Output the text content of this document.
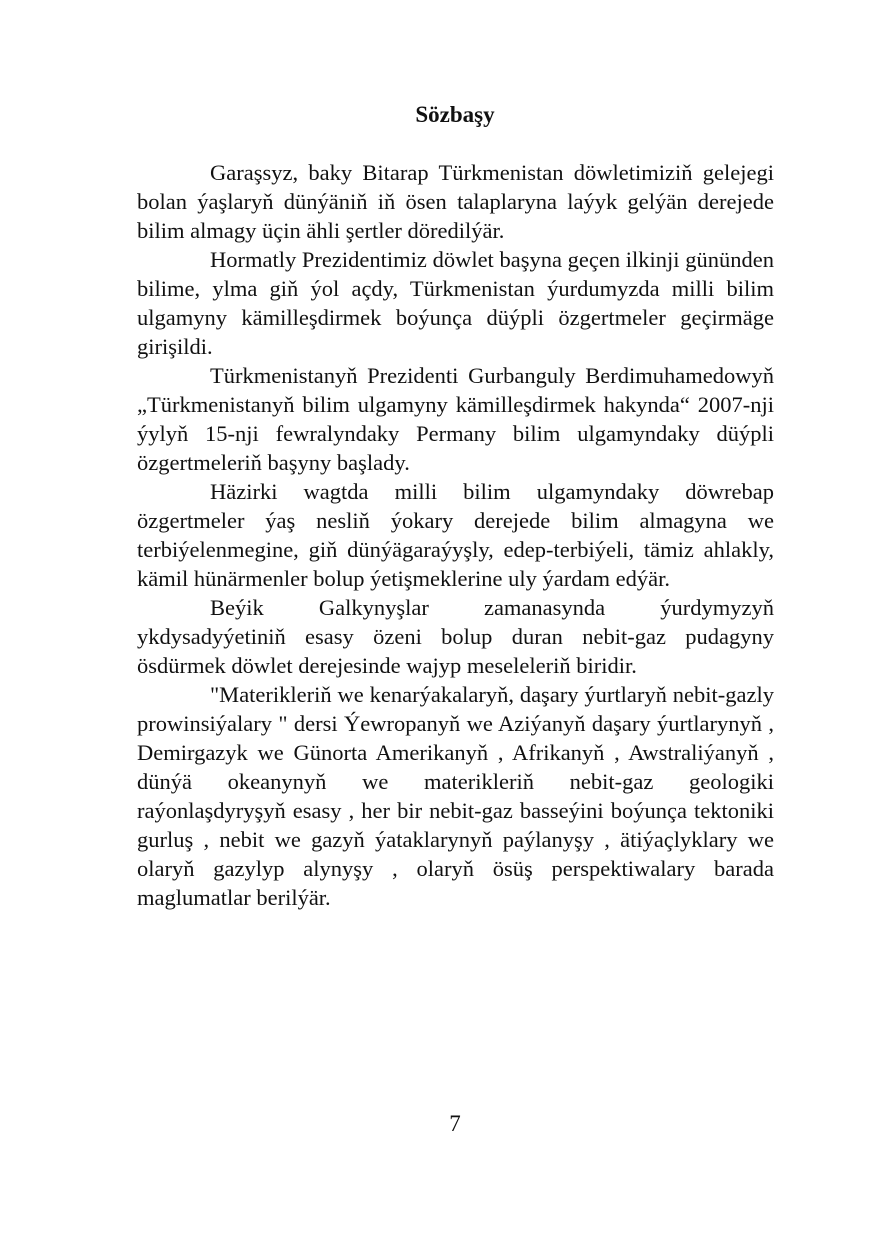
Sözbaşy

Garaşsyz, baky Bitarap Türkmenistan döwletimiziň gelejegi bolan ýaşlaryň dünýäniň iň ösen talaplaryna laýyk gelýän derejede bilim almagy üçin ähli şertler döredilýär.

Hormatly Prezidentimiz döwlet başyna geçen ilkinji gününden bilime, ylma giň ýol açdy, Türkmenistan ýurdumyzda milli bilim ulgamyny kämilleşdirmek boýunça düýpli özgertmeler geçirmäge girişildi.

Türkmenistanyň Prezidenti Gurbanguly Berdimuhamedowyň „Türkmenistanyň bilim ulgamyny kämilleşdirmek hakynda“ 2007-nji ýylyň 15-nji fewralyndaky Permany bilim ulgamyndaky düýpli özgertmeleriň başyny başlady.

Häzirki wagtda milli bilim ulgamyndaky döwrebap özgertmeler ýaş nesliň ýokary derejede bilim almagyna we terbiýelenmegine, giň dünýägaraýyşly, edep-terbiýeli, tämiz ahlakly, kämil hünärmenler bolup ýetişmeklerine uly ýardam edýär.

Beýik Galkynyşlar zamanasynda ýurdymyzyň ykdysadyýetiniň esasy özeni bolup duran nebit-gaz pudagyny ösdürmek döwlet derejesinde wajyp meseleleriň biridir.

"Materikleriň we kenarýakalaryň, daşary ýurtlaryň nebit-gazly prowinsiýalary " dersi Ýewropanyň we Aziýanyň daşary ýurtlarynyň , Demirgazyk we Günorta Amerikanyň , Afrikanyň , Awstraliýanyň , dünýä okeanynyň we materikleriň nebit-gaz geologiki raýonlaşdyryşyň esasy , her bir nebit-gaz basseýini boýunça tektoniki gurluş , nebit we gazyň ýataklarynyň paýlanyşy , ätiýaçlyklary we olaryň gazylyp alynyşy , olaryň ösüş perspektiwalary barada maglumatlar berilýär.

7
